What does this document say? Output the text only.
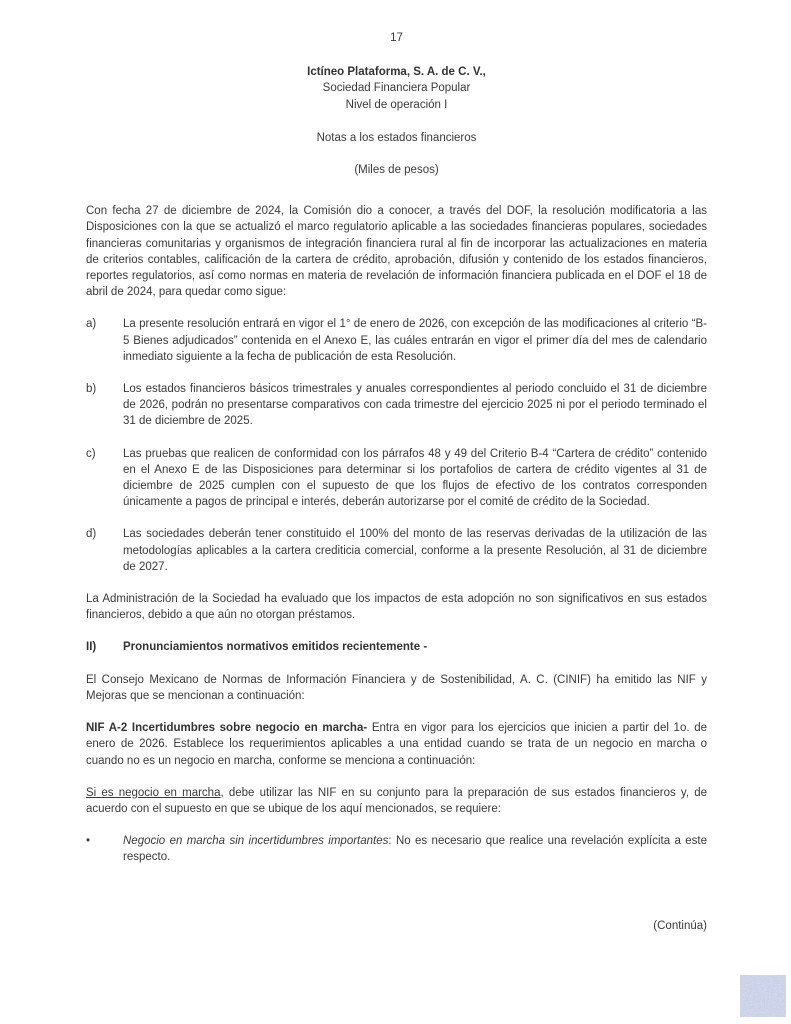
17
Ictíneo Plataforma, S. A. de C. V.,
Sociedad Financiera Popular
Nivel de operación I
Notas a los estados financieros
(Miles de pesos)

Con fecha 27 de diciembre de 2024, la Comisión dio a conocer, a través del DOF, la resolución modificatoria a las Disposiciones con la que se actualizó el marco regulatorio aplicable a las sociedades financieras populares, sociedades financieras comunitarias y organismos de integración financiera rural al fin de incorporar las actualizaciones en materia de criterios contables, calificación de la cartera de crédito, aprobación, difusión y contenido de los estados financieros, reportes regulatorios, así como normas en materia de revelación de información financiera publicada en el DOF el 18 de abril de 2024, para quedar como sigue:

a)	La presente resolución entrará en vigor el 1° de enero de 2026, con excepción de las modificaciones al criterio “B-5 Bienes adjudicados” contenida en el Anexo E, las cuáles entrarán en vigor el primer día del mes de calendario inmediato siguiente a la fecha de publicación de esta Resolución.
b)	Los estados financieros básicos trimestrales y anuales correspondientes al periodo concluido el 31 de diciembre de 2026, podrán no presentarse comparativos con cada trimestre del ejercicio 2025 ni por el periodo terminado el 31 de diciembre de 2025.
c)	Las pruebas que realicen de conformidad con los párrafos 48 y 49 del Criterio B-4 “Cartera de crédito” contenido en el Anexo E de las Disposiciones para determinar si los portafolios de cartera de crédito vigentes al 31 de diciembre de 2025 cumplen con el supuesto de que los flujos de efectivo de los contratos corresponden únicamente a pagos de principal e interés, deberán autorizarse por el comité de crédito de la Sociedad.
d)	Las sociedades deberán tener constituido el 100% del monto de las reservas derivadas de la utilización de las metodologías aplicables a la cartera crediticia comercial, conforme a la presente Resolución, al 31 de diciembre de 2027.

La Administración de la Sociedad ha evaluado que los impactos de esta adopción no son significativos en sus estados financieros, debido a que aún no otorgan préstamos.

II)	Pronunciamientos normativos emitidos recientemente -

El Consejo Mexicano de Normas de Información Financiera y de Sostenibilidad, A. C. (CINIF) ha emitido las NIF y Mejoras que se mencionan a continuación:

NIF A-2 Incertidumbres sobre negocio en marcha- Entra en vigor para los ejercicios que inicien a partir del 1o. de enero de 2026. Establece los requerimientos aplicables a una entidad cuando se trata de un negocio en marcha o cuando no es un negocio en marcha, conforme se menciona a continuación:

Si es negocio en marcha, debe utilizar las NIF en su conjunto para la preparación de sus estados financieros y, de acuerdo con el supuesto en que se ubique de los aquí mencionados, se requiere:

•	Negocio en marcha sin incertidumbres importantes: No es necesario que realice una revelación explícita a este respecto.
(Continúa)
